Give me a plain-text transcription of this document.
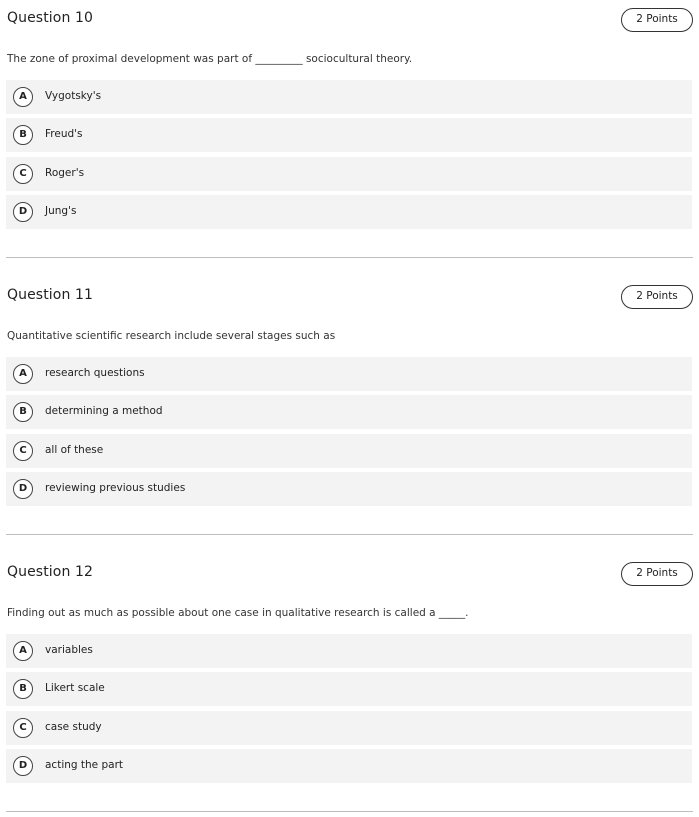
Question 10	2 Points
The zone of proximal development was part of _________ sociocultural theory.
A	Vygotsky's
B	Freud's
C	Roger's
D	Jung's
Question 11	2 Points
Quantitative scientific research include several stages such as
A	research questions
B	determining a method
C	all of these
D	reviewing previous studies
Question 12	2 Points
Finding out as much as possible about one case in qualitative research is called a _____.
A	variables
B	Likert scale
C	case study
D	acting the part
